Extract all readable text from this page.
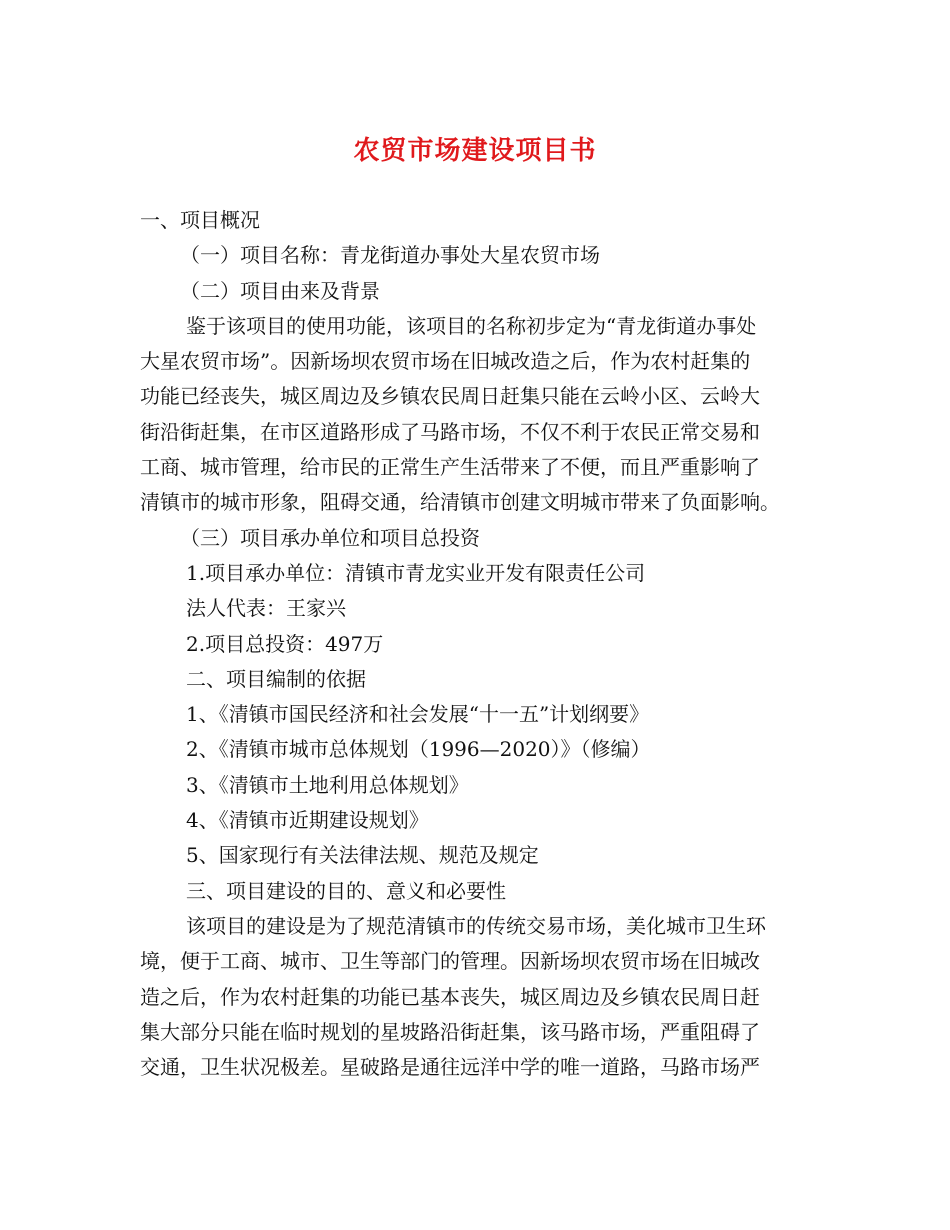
农贸市场建设项目书
一、项目概况
（一）项目名称：青龙街道办事处大星农贸市场
（二）项目由来及背景
鉴于该项目的使用功能，该项目的名称初步定为“青龙街道办事处
大星农贸市场”。因新场坝农贸市场在旧城改造之后，作为农村赶集的
功能已经丧失，城区周边及乡镇农民周日赶集只能在云岭小区、云岭大
街沿街赶集，在市区道路形成了马路市场，不仅不利于农民正常交易和
工商、城市管理，给市民的正常生产生活带来了不便，而且严重影响了
清镇市的城市形象，阻碍交通，给清镇市创建文明城市带来了负面影响。
（三）项目承办单位和项目总投资
1.项目承办单位：清镇市青龙实业开发有限责任公司
法人代表：王家兴
2.项目总投资：497万
二、项目编制的依据
1、《清镇市国民经济和社会发展“十一五”计划纲要》
2、《清镇市城市总体规划（1996—2020）》（修编）
3、《清镇市土地利用总体规划》
4、《清镇市近期建设规划》
5、国家现行有关法律法规、规范及规定
三、项目建设的目的、意义和必要性
该项目的建设是为了规范清镇市的传统交易市场，美化城市卫生环
境，便于工商、城市、卫生等部门的管理。因新场坝农贸市场在旧城改
造之后，作为农村赶集的功能已基本丧失，城区周边及乡镇农民周日赶
集大部分只能在临时规划的星坡路沿街赶集，该马路市场，严重阻碍了
交通，卫生状况极差。星破路是通往远洋中学的唯一道路，马路市场严
